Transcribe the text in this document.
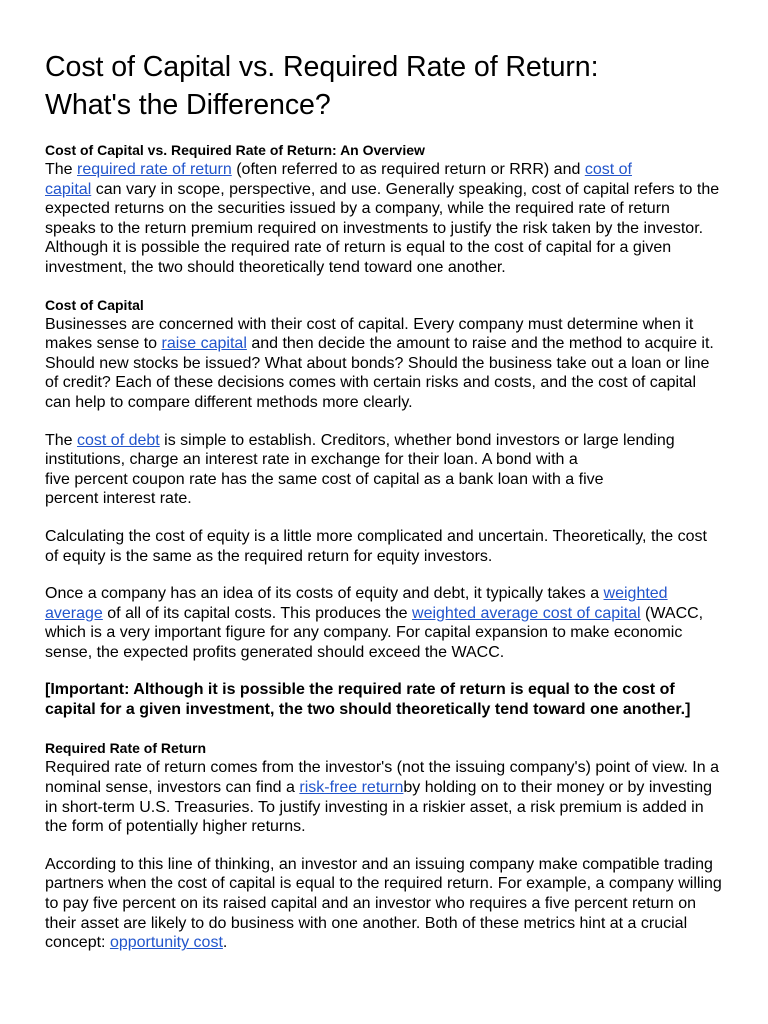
Cost of Capital vs. Required Rate of Return:
What's the Difference?
Cost of Capital vs. Required Rate of Return: An Overview

The required rate of return (often referred to as required return or RRR) and cost of
capital can vary in scope, perspective, and use. Generally speaking, cost of capital refers to the expected returns on the securities issued by a company, while the required rate of return speaks to the return premium required on investments to justify the risk taken by the investor. Although it is possible the required rate of return is equal to the cost of capital for a given investment, the two should theoretically tend toward one another.

Cost of Capital

Businesses are concerned with their cost of capital. Every company must determine when it makes sense to raise capital and then decide the amount to raise and the method to acquire it. Should new stocks be issued? What about bonds? Should the business take out a loan or line of credit? Each of these decisions comes with certain risks and costs, and the cost of capital can help to compare different methods more clearly.

The cost of debt is simple to establish. Creditors, whether bond investors or large lending institutions, charge an interest rate in exchange for their loan. A bond with a
five percent coupon rate has the same cost of capital as a bank loan with a five
percent interest rate.

Calculating the cost of equity is a little more complicated and uncertain. Theoretically, the cost of equity is the same as the required return for equity investors.

Once a company has an idea of its costs of equity and debt, it typically takes a weighted
average of all of its capital costs. This produces the weighted average cost of capital (WACC, which is a very important figure for any company. For capital expansion to make economic sense, the expected profits generated should exceed the WACC.

[Important: Although it is possible the required rate of return is equal to the cost of capital for a given investment, the two should theoretically tend toward one another.]

Required Rate of Return

Required rate of return comes from the investor's (not the issuing company's) point of view. In a nominal sense, investors can find a risk-free returnby holding on to their money or by investing in short-term U.S. Treasuries. To justify investing in a riskier asset, a risk premium is added in the form of potentially higher returns.

According to this line of thinking, an investor and an issuing company make compatible trading partners when the cost of capital is equal to the required return. For example, a company willing to pay five percent on its raised capital and an investor who requires a five percent return on their asset are likely to do business with one another. Both of these metrics hint at a crucial concept: opportunity cost.
